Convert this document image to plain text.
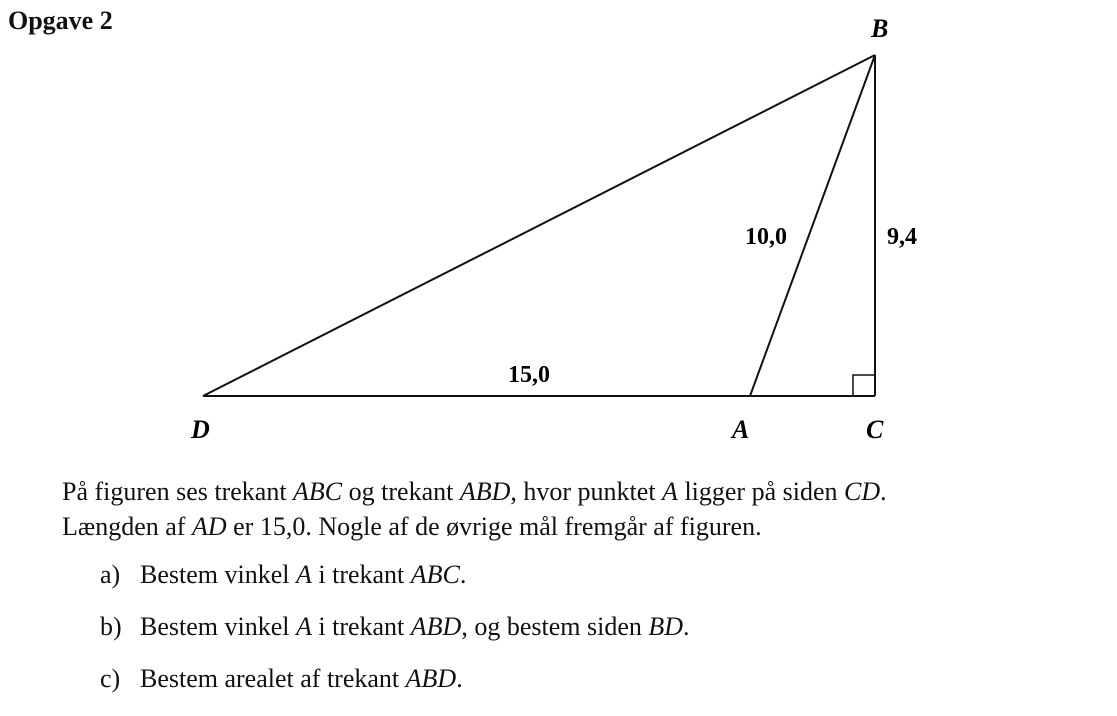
Opgave 2	B
D	A	C
10,0	9,4
15,0

På figuren ses trekant ABC og trekant ABD, hvor punktet A ligger på siden CD.

Længden af AD er 15,0. Nogle af de øvrige mål fremgår af figuren.

a) Bestem vinkel A i trekant ABC.
b) Bestem vinkel A i trekant ABD, og bestem siden BD.
c) Bestem arealet af trekant ABD.
